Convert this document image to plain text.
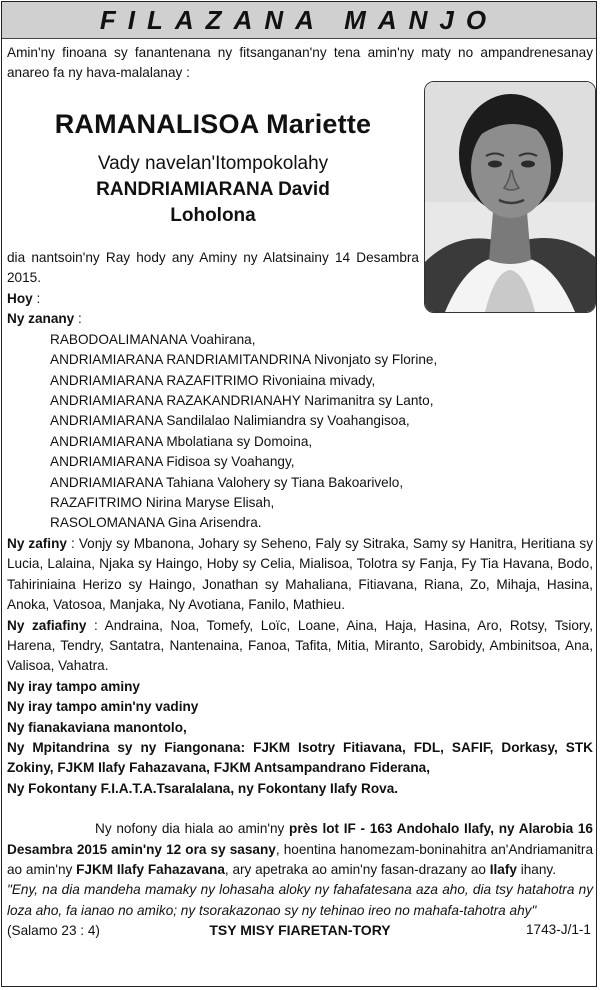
FILAZANA MANJO

Amin'ny finoana sy fanantenana ny fitsanganan'ny tena amin'ny maty no ampandrenesanay anareo fa ny hava-malalanay :

RAMANALISOA Mariette
Vady navelan'Itompokolahy
RANDRIAMIARANA David
Loholona

dia nantsoin'ny Ray hody any Aminy ny Alatsinainy 14 Desambra 2015.

Hoy :

Ny zanany :

RABODOALIMANANA Voahirana,
ANDRIAMIARANA RANDRIAMITANDRINA Nivonjato sy Florine,
ANDRIAMIARANA RAZAFITRIMO Rivoniaina mivady,
ANDRIAMIARANA RAZAKANDRIANAHY Narimanitra sy Lanto,
ANDRIAMIARANA Sandilalao Nalimiandra sy Voahangisoa,
ANDRIAMIARANA Mbolatiana sy Domoina,
ANDRIAMIARANA Fidisoa sy Voahangy,
ANDRIAMIARANA Tahiana Valohery sy Tiana Bakoarivelo,
RAZAFITRIMO Nirina Maryse Elisah,
RASOLOMANANA Gina Arisendra.

Ny zafiny : Vonjy sy Mbanona, Johary sy Seheno, Faly sy Sitraka, Samy sy Hanitra, Heritiana sy Lucia, Lalaina, Njaka sy Haingo, Hoby sy Celia, Mialisoa, Tolotra sy Fanja, Fy Tia Havana, Bodo, Tahiriniaina Herizo sy Haingo, Jonathan sy Mahaliana, Fitiavana, Riana, Zo, Mihaja, Hasina, Anoka, Vatosoa, Manjaka, Ny Avotiana, Fanilo, Mathieu.

Ny zafiafiny : Andraina, Noa, Tomefy, Loïc, Loane, Aina, Haja, Hasina, Aro, Rotsy, Tsiory, Harena, Tendry, Santatra, Nantenaina, Fanoa, Tafita, Mitia, Miranto, Sarobidy, Ambinitsoa, Ana, Valisoa, Vahatra.

Ny iray tampo aminy

Ny iray tampo amin'ny vadiny

Ny fianakaviana manontolo,

Ny Mpitandrina sy ny Fiangonana: FJKM Isotry Fitiavana, FDL, SAFIF, Dorkasy, STK Zokiny, FJKM Ilafy Fahazavana, FJKM Antsampandrano Fiderana,

Ny Fokontany F.I.A.T.A.Tsaralalana, ny Fokontany Ilafy Rova.

Ny nofony dia hiala ao amin'ny près lot IF - 163 Andohalo Ilafy, ny Alarobia 16 Desambra 2015 amin'ny 12 ora sy sasany, hoentina hanomezam-boninahitra an'Andriamanitra ao amin'ny FJKM Ilafy Fahazavana, ary apetraka ao amin'ny fasan-drazany ao Ilafy ihany.

"Eny, na dia mandeha mamaky ny lohasaha aloky ny fahafatesana aza aho, dia tsy hatahotra ny loza aho, fa ianao no amiko; ny tsorakazonao sy ny tehinao ireo no mahafa-tahotra ahy"

(Salamo 23 : 4)	TSY MISY FIARETAN-TORY	1743-J/1-1
